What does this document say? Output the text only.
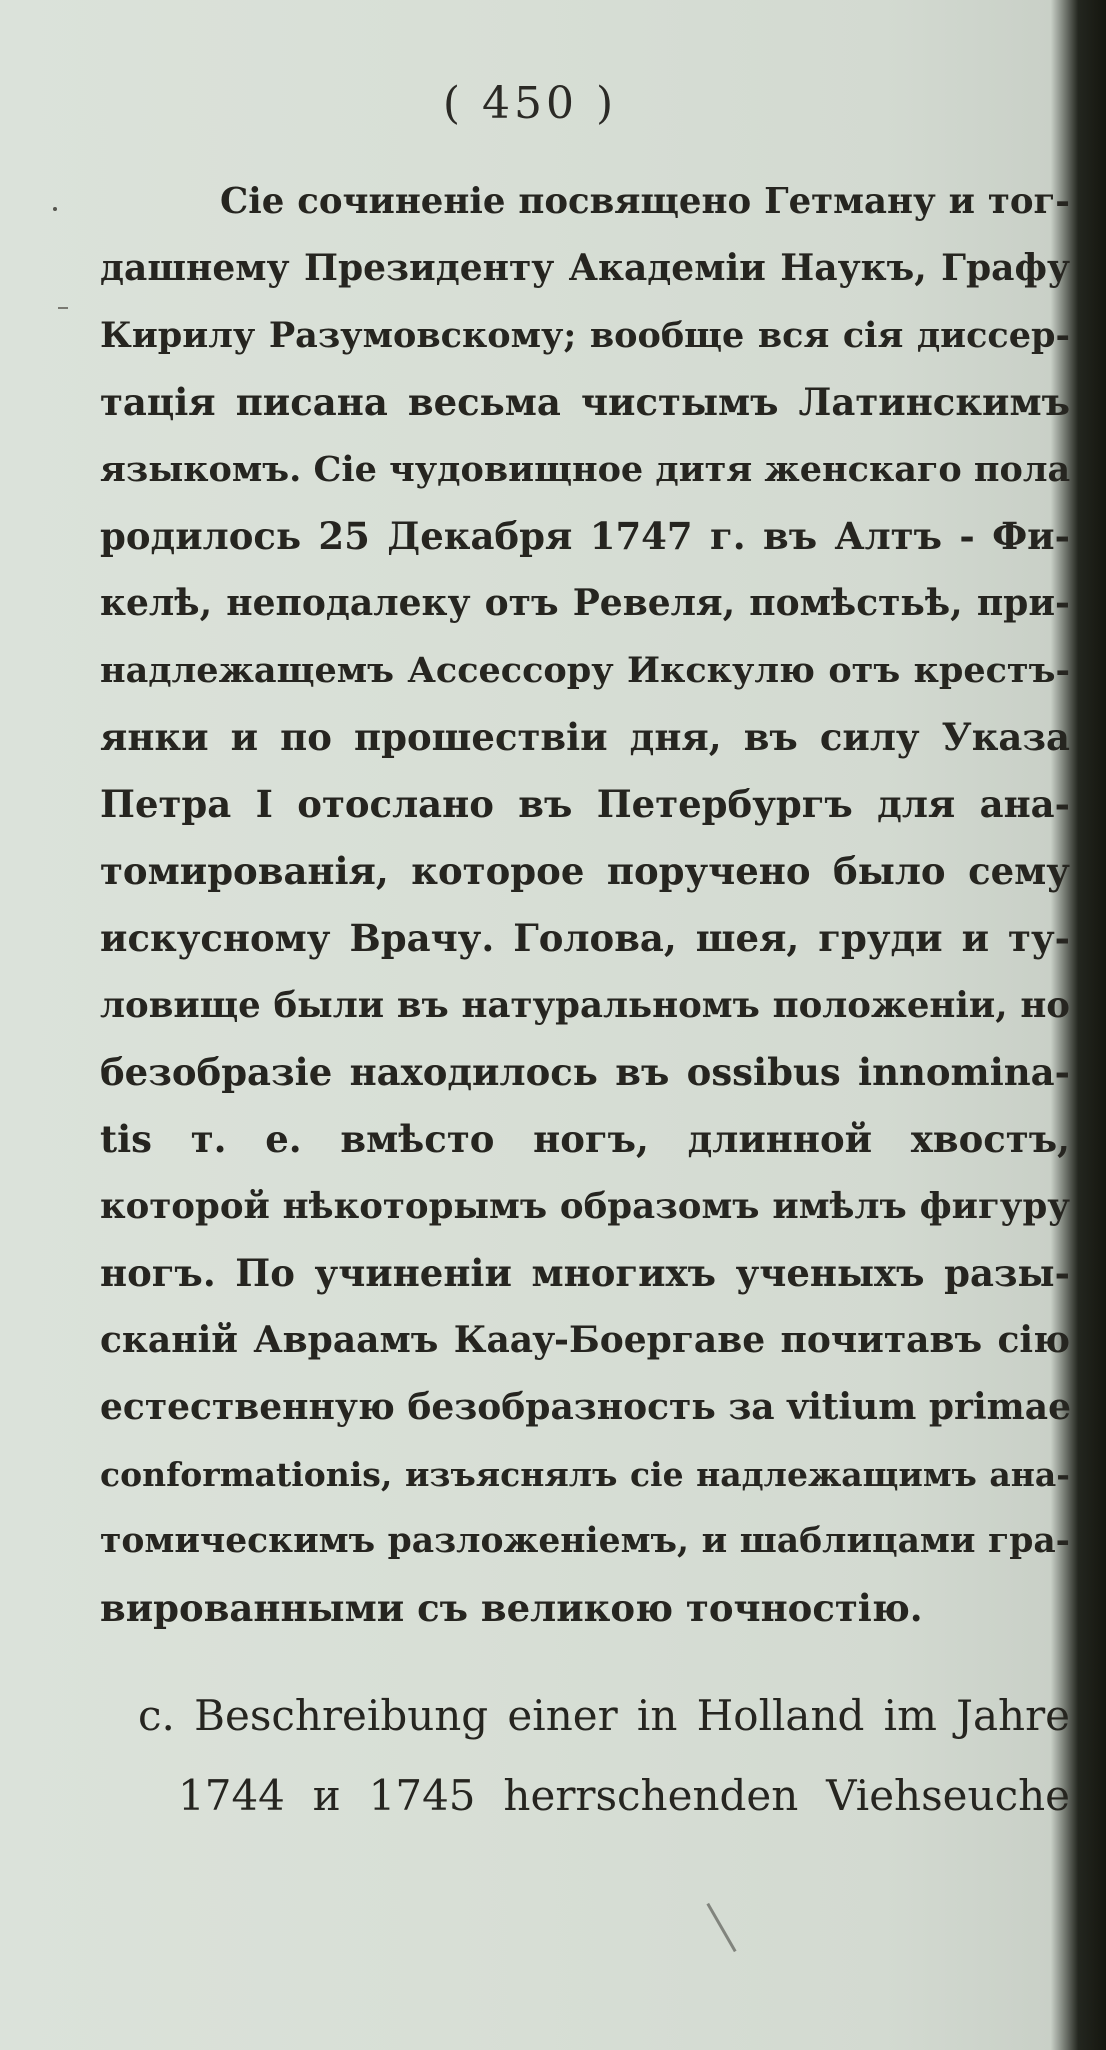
( 450 )
Сіе сочиненіе посвящено Гетману и тог-
дашнему Президенту Академіи Наукъ, Графу
Кирилу Разумовскому; вообще вся сія диссер-
тація писана весьма чистымъ Латинскимъ
языкомъ. Сіе чудовищное дитя женскаго пола
родилось 25 Декабря 1747 г. въ Алтъ - Фи-
келѣ, неподалеку отъ Ревеля, помѣстьѣ, при-
надлежащемъ Ассессору Икскулю отъ крестъ-
янки и по прошествіи дня, въ силу Указа
Петра I отослано въ Петербургъ для ана-
томированія, которое поручено было сему
искусному Врачу. Голова, шея, груди и ту-
ловище были въ натуральномъ положеніи, но
безобразіе находилось въ ossibus innomina-
tis т. е. вмѣсто ногъ, длинной хвостъ,
которой нѣкоторымъ образомъ имѣлъ фигуру
ногъ. По учиненіи многихъ ученыхъ разы-
сканій Авраамъ Кааy-Боергаве почитавъ сію
естественную безобразность за vitium primae
conformationis, изъяснялъ сіе надлежащимъ ана-
томическимъ разложеніемъ, и шаблицами гра-
вированными съ великою точностію.
c. Beschreibung einer in Holland im Jahre
1744 и 1745 herrschenden Viehseuche
